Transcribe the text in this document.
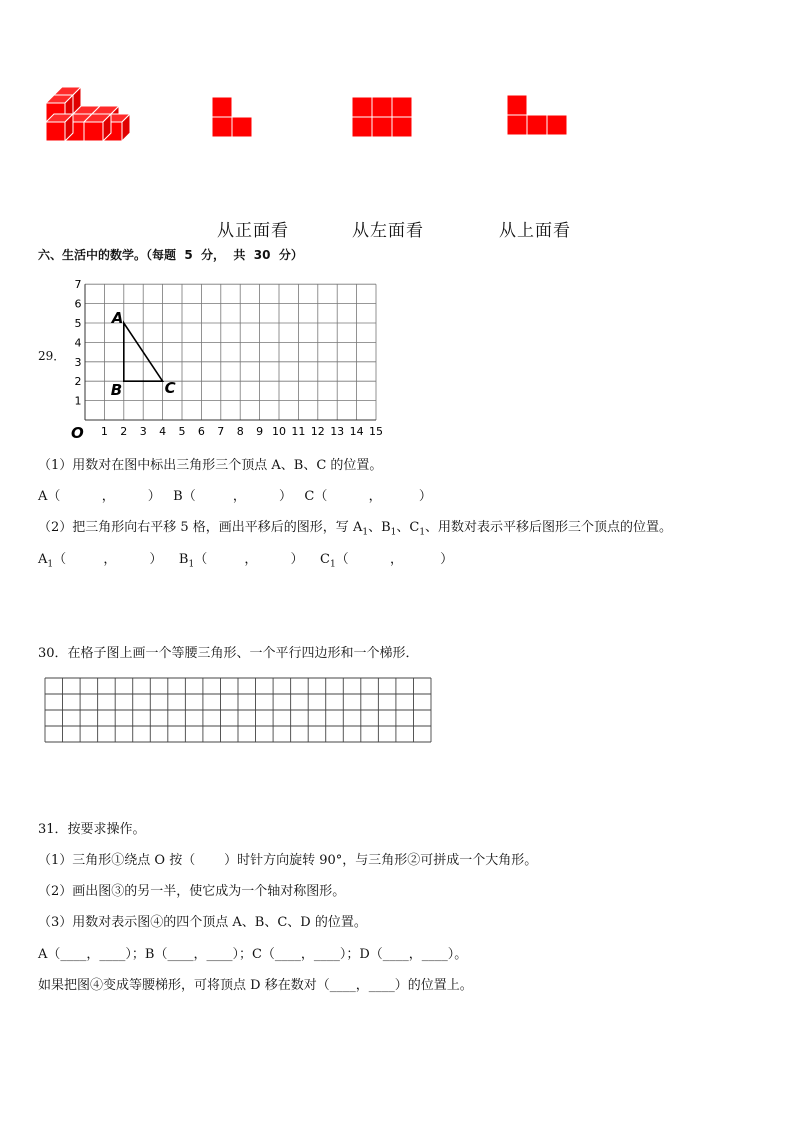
从正面看	从左面看	从上面看
六、生活中的数学。（每题  5  分，  共  30  分）
29．
1 2 3 4 5 6 7 8 9 10 11 12 13 14 15
1
2
3
4
5
6
7
O
A
B	C
（1）用数对在图中标出三角形三个顶点 A、B、C 的位置。
A（          ，        ）   B（         ，        ）   C（          ，         ）
（2）把三角形向右平移 5 格，画出平移后的图形，写 $A_1$、$B_1$、$C_1$、用数对表示平移后图形三个顶点的位置。
$A_1$（         ，        ） $B_1$（         ，        ） $C_1$（          ，         ）
30．在格子图上画一个等腰三角形、一个平行四边形和一个梯形．
31．按要求操作。
（1）三角形①绕点 O 按（       ）时针方向旋转 90°，与三角形②可拼成一个大角形。
（2）画出图③的另一半，使它成为一个轴对称图形。
（3）用数对表示图④的四个顶点 A、B、C、D 的位置。
A（____，____）；B（____，____）；C（____，____）；D（____，____）。
如果把图④变成等腰梯形，可将顶点 D 移在数对（____，____）的位置上。
